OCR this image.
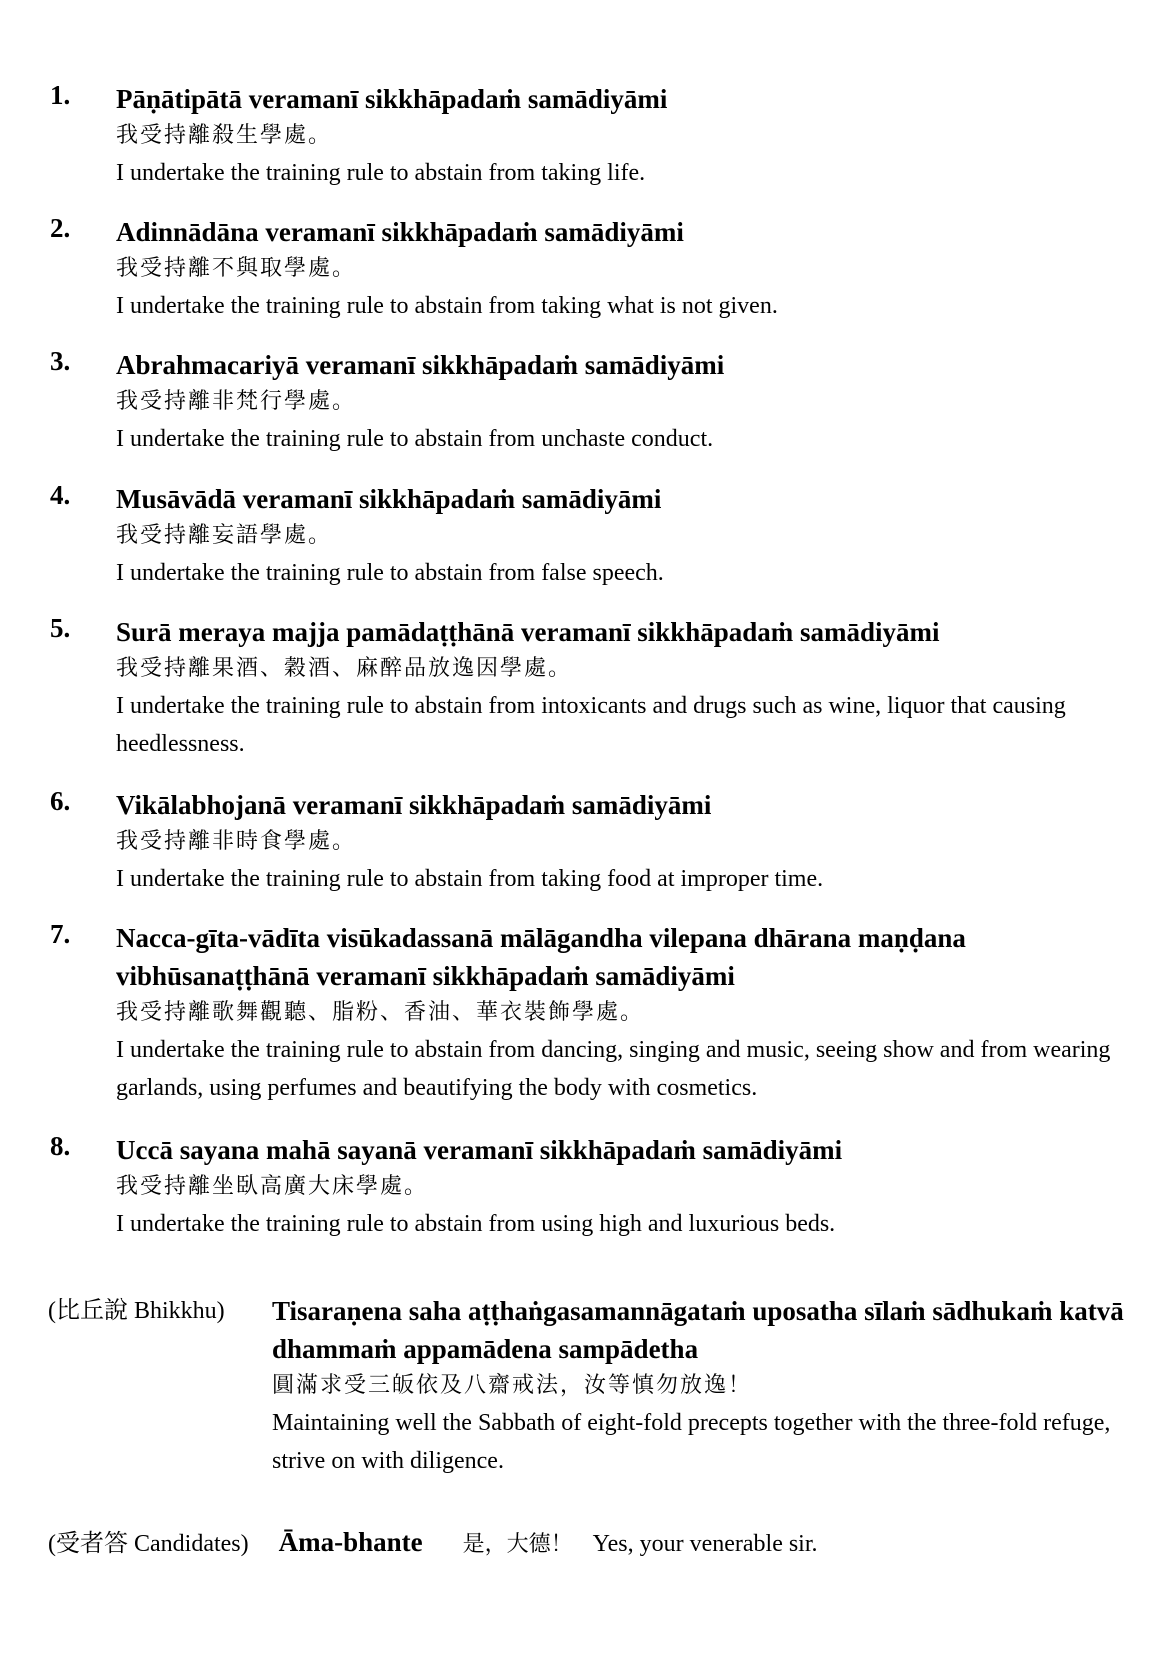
1. Pāṇātipātā veramanī sikkhāpadaṁ samādiyāmi
我受持離殺生學處。
I undertake the training rule to abstain from taking life.
2. Adinnādāna veramanī sikkhāpadaṁ samādiyāmi
我受持離不與取學處。
I undertake the training rule to abstain from taking what is not given.
3. Abrahmacariyā veramanī sikkhāpadaṁ samādiyāmi
我受持離非梵行學處。
I undertake the training rule to abstain from unchaste conduct.
4. Musāvādā veramanī sikkhāpadaṁ samādiyāmi
我受持離妄語學處。
I undertake the training rule to abstain from false speech.
5. Surā meraya majja pamādaṭṭhānā veramanī sikkhāpadaṁ samādiyāmi
我受持離果酒、穀酒、麻醉品放逸因學處。
I undertake the training rule to abstain from intoxicants and drugs such as wine, liquor that causing heedlessness.
6. Vikālabhojanā veramanī sikkhāpadaṁ samādiyāmi
我受持離非時食學處。
I undertake the training rule to abstain from taking food at improper time.
7. Nacca-gīta-vādīta visūkadassanā mālāgandha vilepana dhārana maṇḍana vibhūsanaṭṭhānā veramanī sikkhāpadaṁ samādiyāmi
我受持離歌舞觀聽、脂粉、香油、華衣裝飾學處。
I undertake the training rule to abstain from dancing, singing and music, seeing show and from wearing garlands, using perfumes and beautifying the body with cosmetics.
8. Uccā sayana mahā sayanā veramanī sikkhāpadaṁ samādiyāmi
我受持離坐臥高廣大床學處。
I undertake the training rule to abstain from using high and luxurious beds.
(比丘說 Bhikkhu) Tisaraṇena saha aṭṭhaṅgasamannāgataṁ uposatha sīlaṁ sādhukaṁ katvā dhammaṁ appamādena sampādetha
圓滿求受三皈依及八齋戒法，汝等慎勿放逸！
Maintaining well the Sabbath of eight-fold precepts together with the three-fold refuge, strive on with diligence.
(受者答 Candidates) Āma-bhante 是，大德！ Yes, your venerable sir.
